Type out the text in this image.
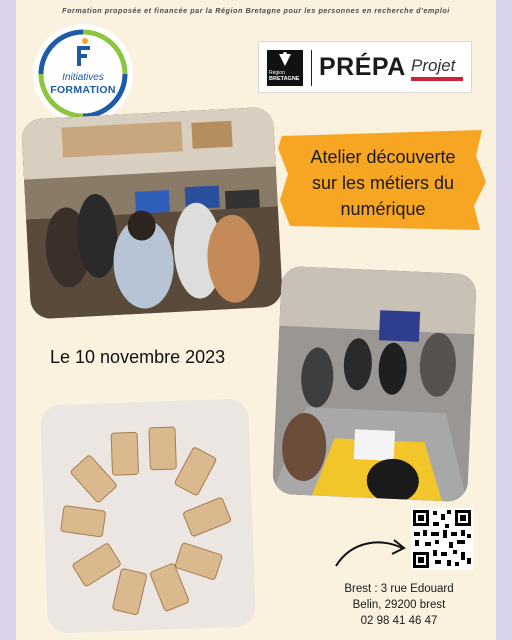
Formation proposée et financée par la Région Bretagne pour les personnes en recherche d'emploi
Initiatives
FORMATION
Région
BRETAGNE PRÉPA Projet
Atelier découverte
sur les métiers du
numérique
Le 10 novembre 2023
Brest : 3 rue Edouard
Belin, 29200 brest
02 98 41 46 47
